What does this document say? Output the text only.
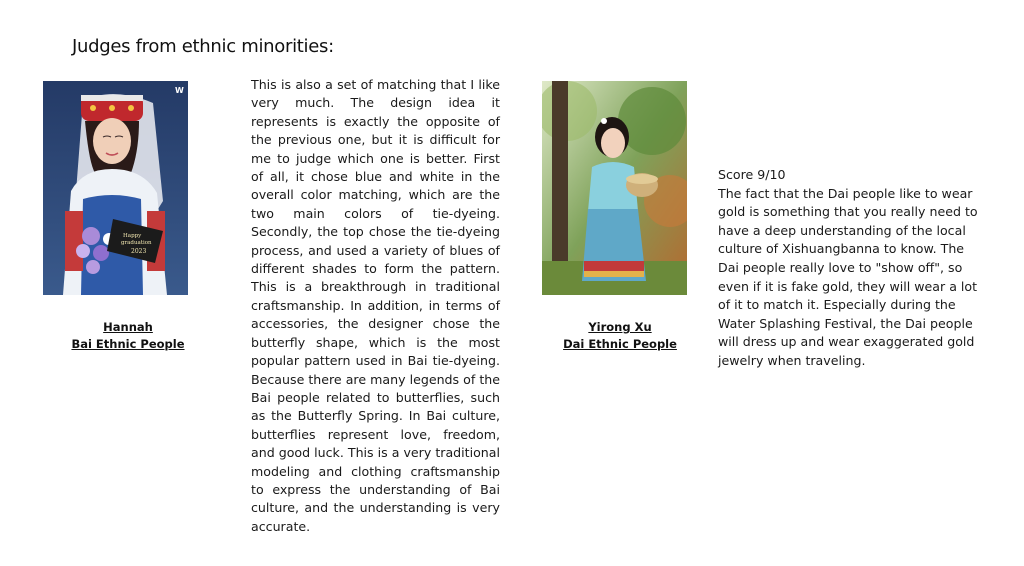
Judges from ethnic minorities:
Happy
graduation
2023
W
Hannah
Bai Ethnic People

This is also a set of matching that I like very much. The design idea it represents is exactly the opposite of the previous one, but it is difficult for me to judge which one is better. First of all, it chose blue and white in the overall color matching, which are the two main colors of tie-dyeing. Secondly, the top chose the tie-dyeing process, and used a variety of blues of different shades to form the pattern. This is a breakthrough in traditional craftsmanship. In addition, in terms of accessories, the designer chose the butterfly shape, which is the most popular pattern used in Bai tie-dyeing. Because there are many legends of the Bai people related to butterflies, such as the Butterfly Spring. In Bai culture, butterflies represent love, freedom, and good luck. This is a very traditional modeling and clothing craftsmanship to express the understanding of Bai culture, and the understanding is very accurate.

Yirong Xu
Dai Ethnic People

Score 9/10

The fact that the Dai people like to wear gold is something that you really need to have a deep understanding of the local culture of Xishuangbanna to know. The Dai people really love to "show off", so even if it is fake gold, they will wear a lot of it to match it. Especially during the Water Splashing Festival, the Dai people will dress up and wear exaggerated gold jewelry when traveling.
